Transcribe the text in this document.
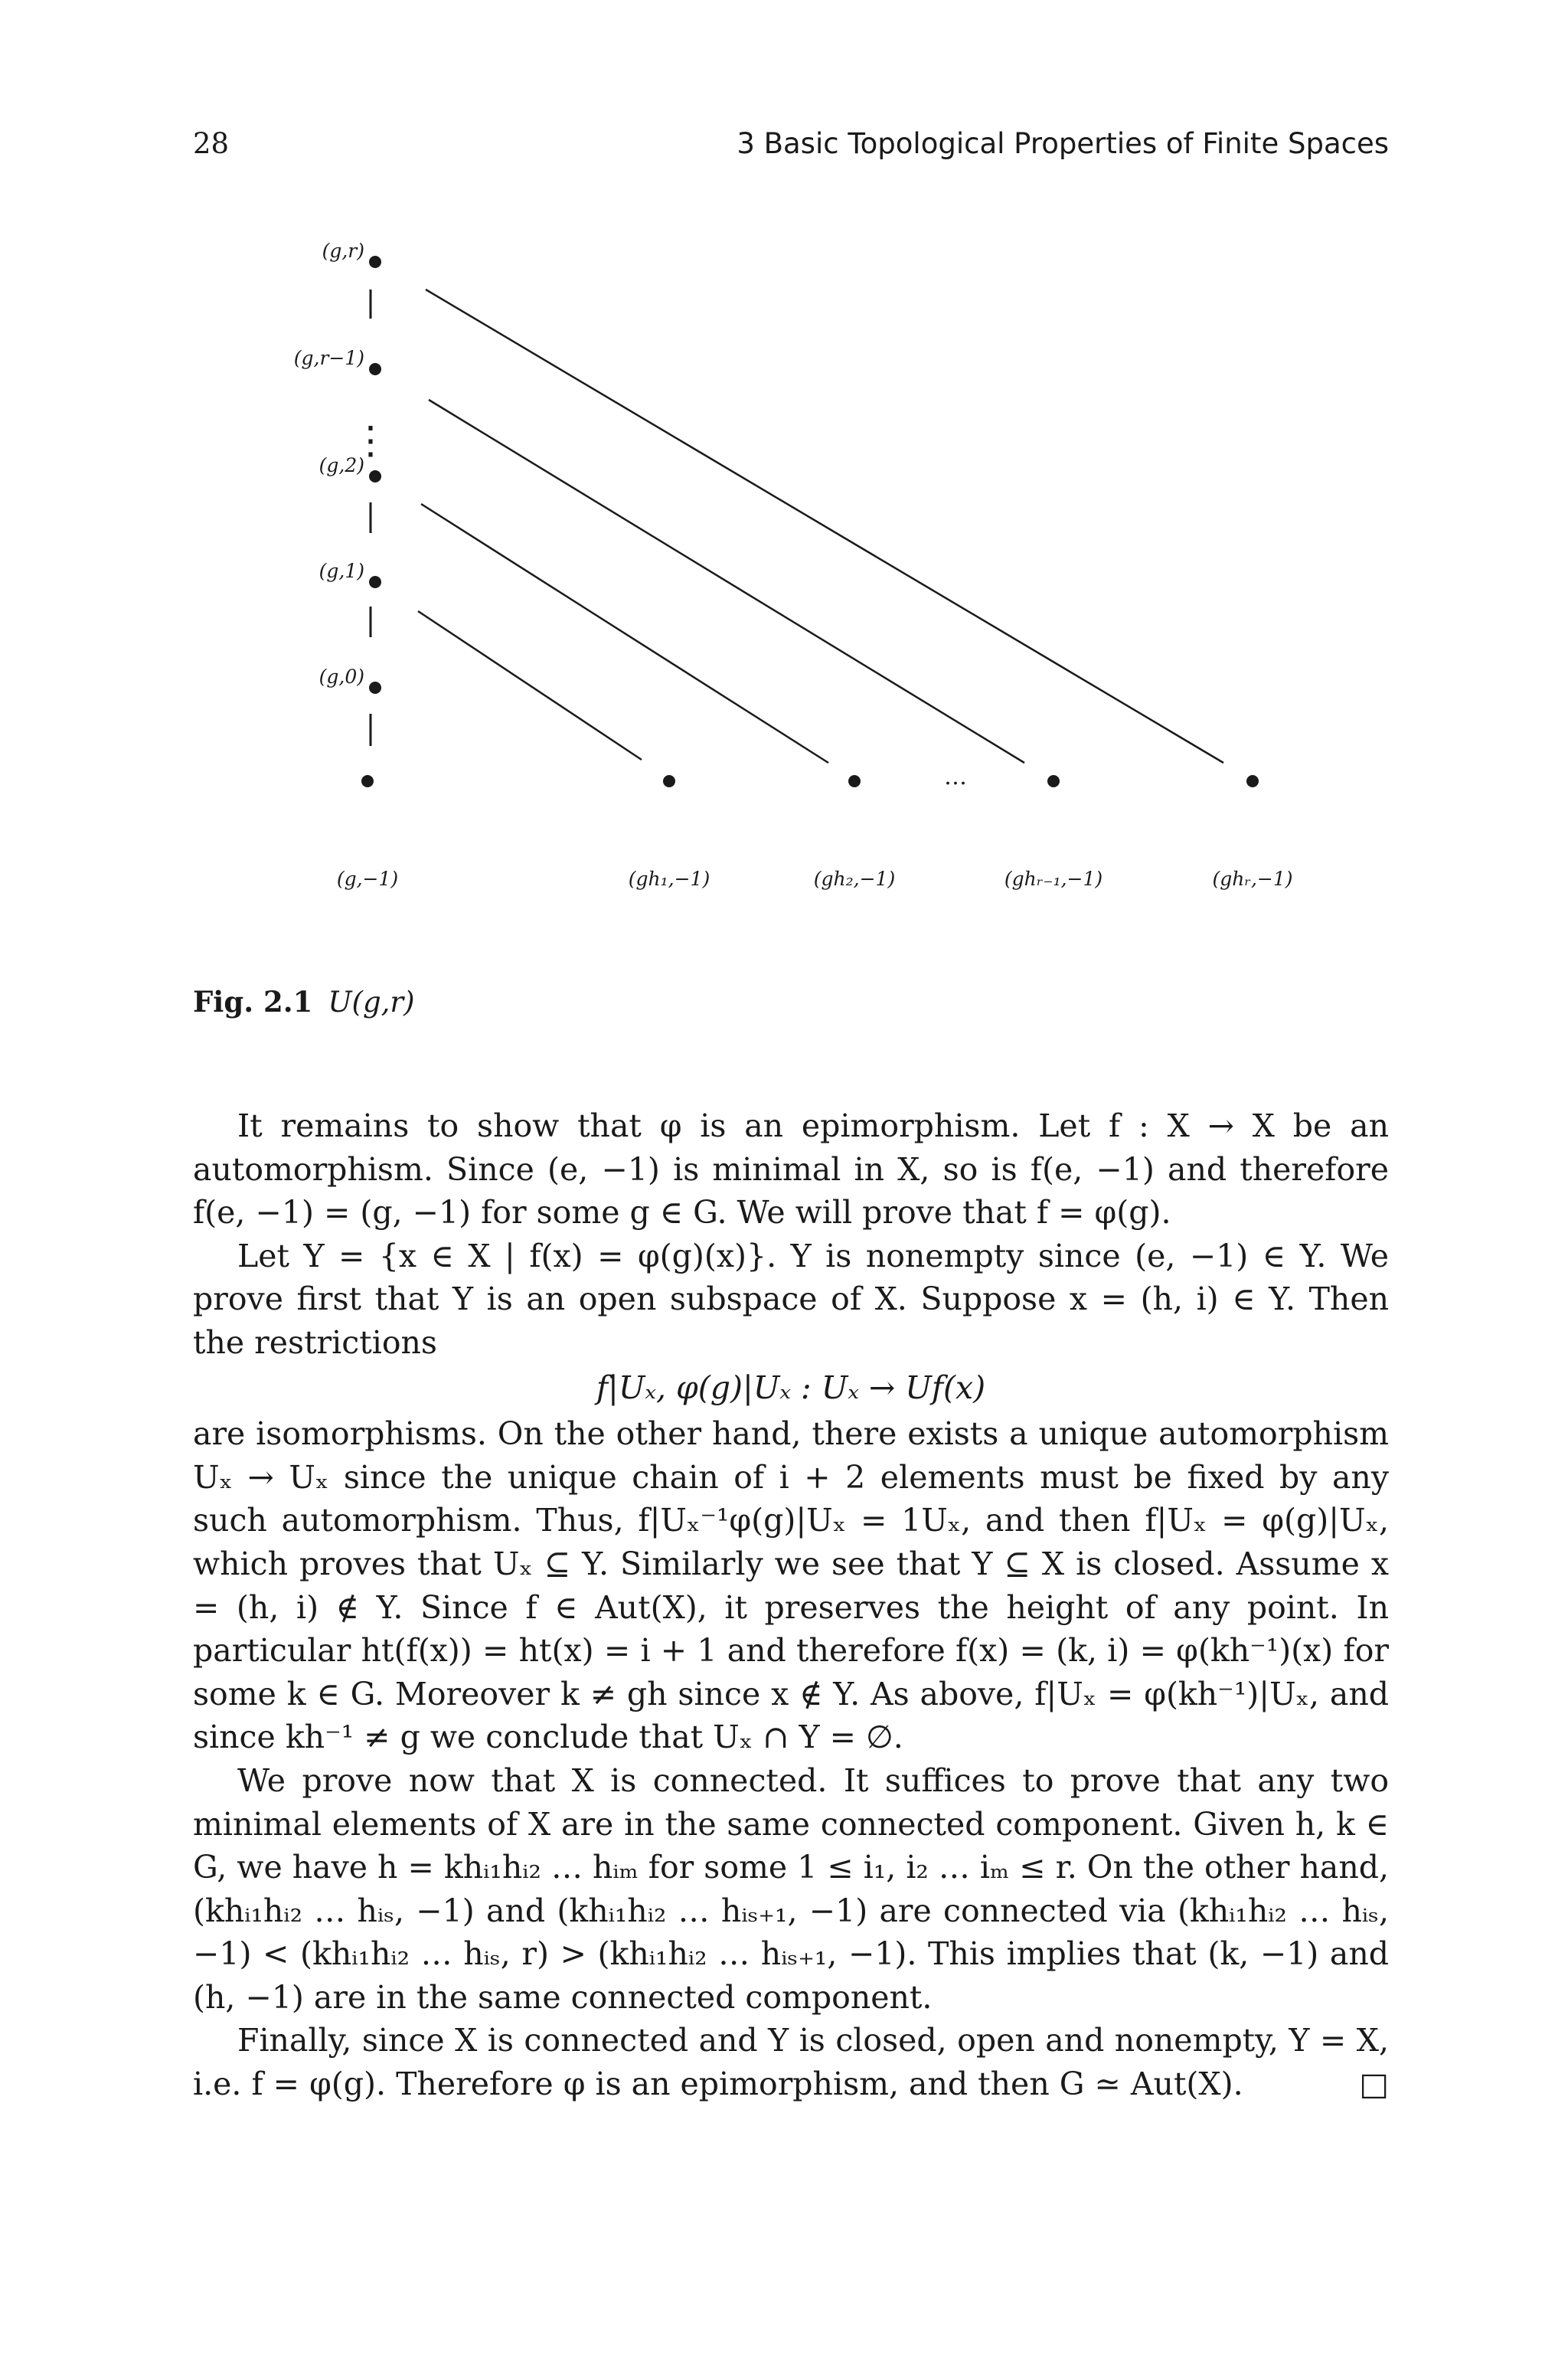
28	3 Basic Topological Properties of Finite Spaces
(g,r)
(g,r−1)
(g,2)
(g,1)
(g,0)
⋮
…
(g,−1)	(gh₁,−1)	(gh₂,−1)	(ghᵣ₋₁,−1)	(ghᵣ,−1)
Fig. 2.1 U(g,r)

It remains to show that φ is an epimorphism. Let f : X → X be an automorphism. Since (e, −1) is minimal in X, so is f(e, −1) and therefore f(e, −1) = (g, −1) for some g ∈ G. We will prove that f = φ(g).

Let Y = {x ∈ X | f(x) = φ(g)(x)}. Y is nonempty since (e, −1) ∈ Y. We prove first that Y is an open subspace of X. Suppose x = (h, i) ∈ Y. Then the restrictions

f|Uₓ, φ(g)|Uₓ : Uₓ → Uf(x)

are isomorphisms. On the other hand, there exists a unique automorphism Uₓ → Uₓ since the unique chain of i + 2 elements must be fixed by any such automorphism. Thus, f|Uₓ⁻¹φ(g)|Uₓ = 1Uₓ, and then f|Uₓ = φ(g)|Uₓ, which proves that Uₓ ⊆ Y. Similarly we see that Y ⊆ X is closed. Assume x = (h, i) ∉ Y. Since f ∈ Aut(X), it preserves the height of any point. In particular ht(f(x)) = ht(x) = i + 1 and therefore f(x) = (k, i) = φ(kh⁻¹)(x) for some k ∈ G. Moreover k ≠ gh since x ∉ Y. As above, f|Uₓ = φ(kh⁻¹)|Uₓ, and since kh⁻¹ ≠ g we conclude that Uₓ ∩ Y = ∅.

We prove now that X is connected. It suffices to prove that any two minimal elements of X are in the same connected component. Given h, k ∈ G, we have h = khᵢ₁hᵢ₂ … hᵢₘ for some 1 ≤ i₁, i₂ … iₘ ≤ r. On the other hand, (khᵢ₁hᵢ₂ … hᵢₛ, −1) and (khᵢ₁hᵢ₂ … hᵢₛ₊₁, −1) are connected via (khᵢ₁hᵢ₂ … hᵢₛ, −1) < (khᵢ₁hᵢ₂ … hᵢₛ, r) > (khᵢ₁hᵢ₂ … hᵢₛ₊₁, −1). This implies that (k, −1) and (h, −1) are in the same connected component.

Finally, since X is connected and Y is closed, open and nonempty, Y = X, i.e. f = φ(g). Therefore φ is an epimorphism, and then G ≃ Aut(X).	□
